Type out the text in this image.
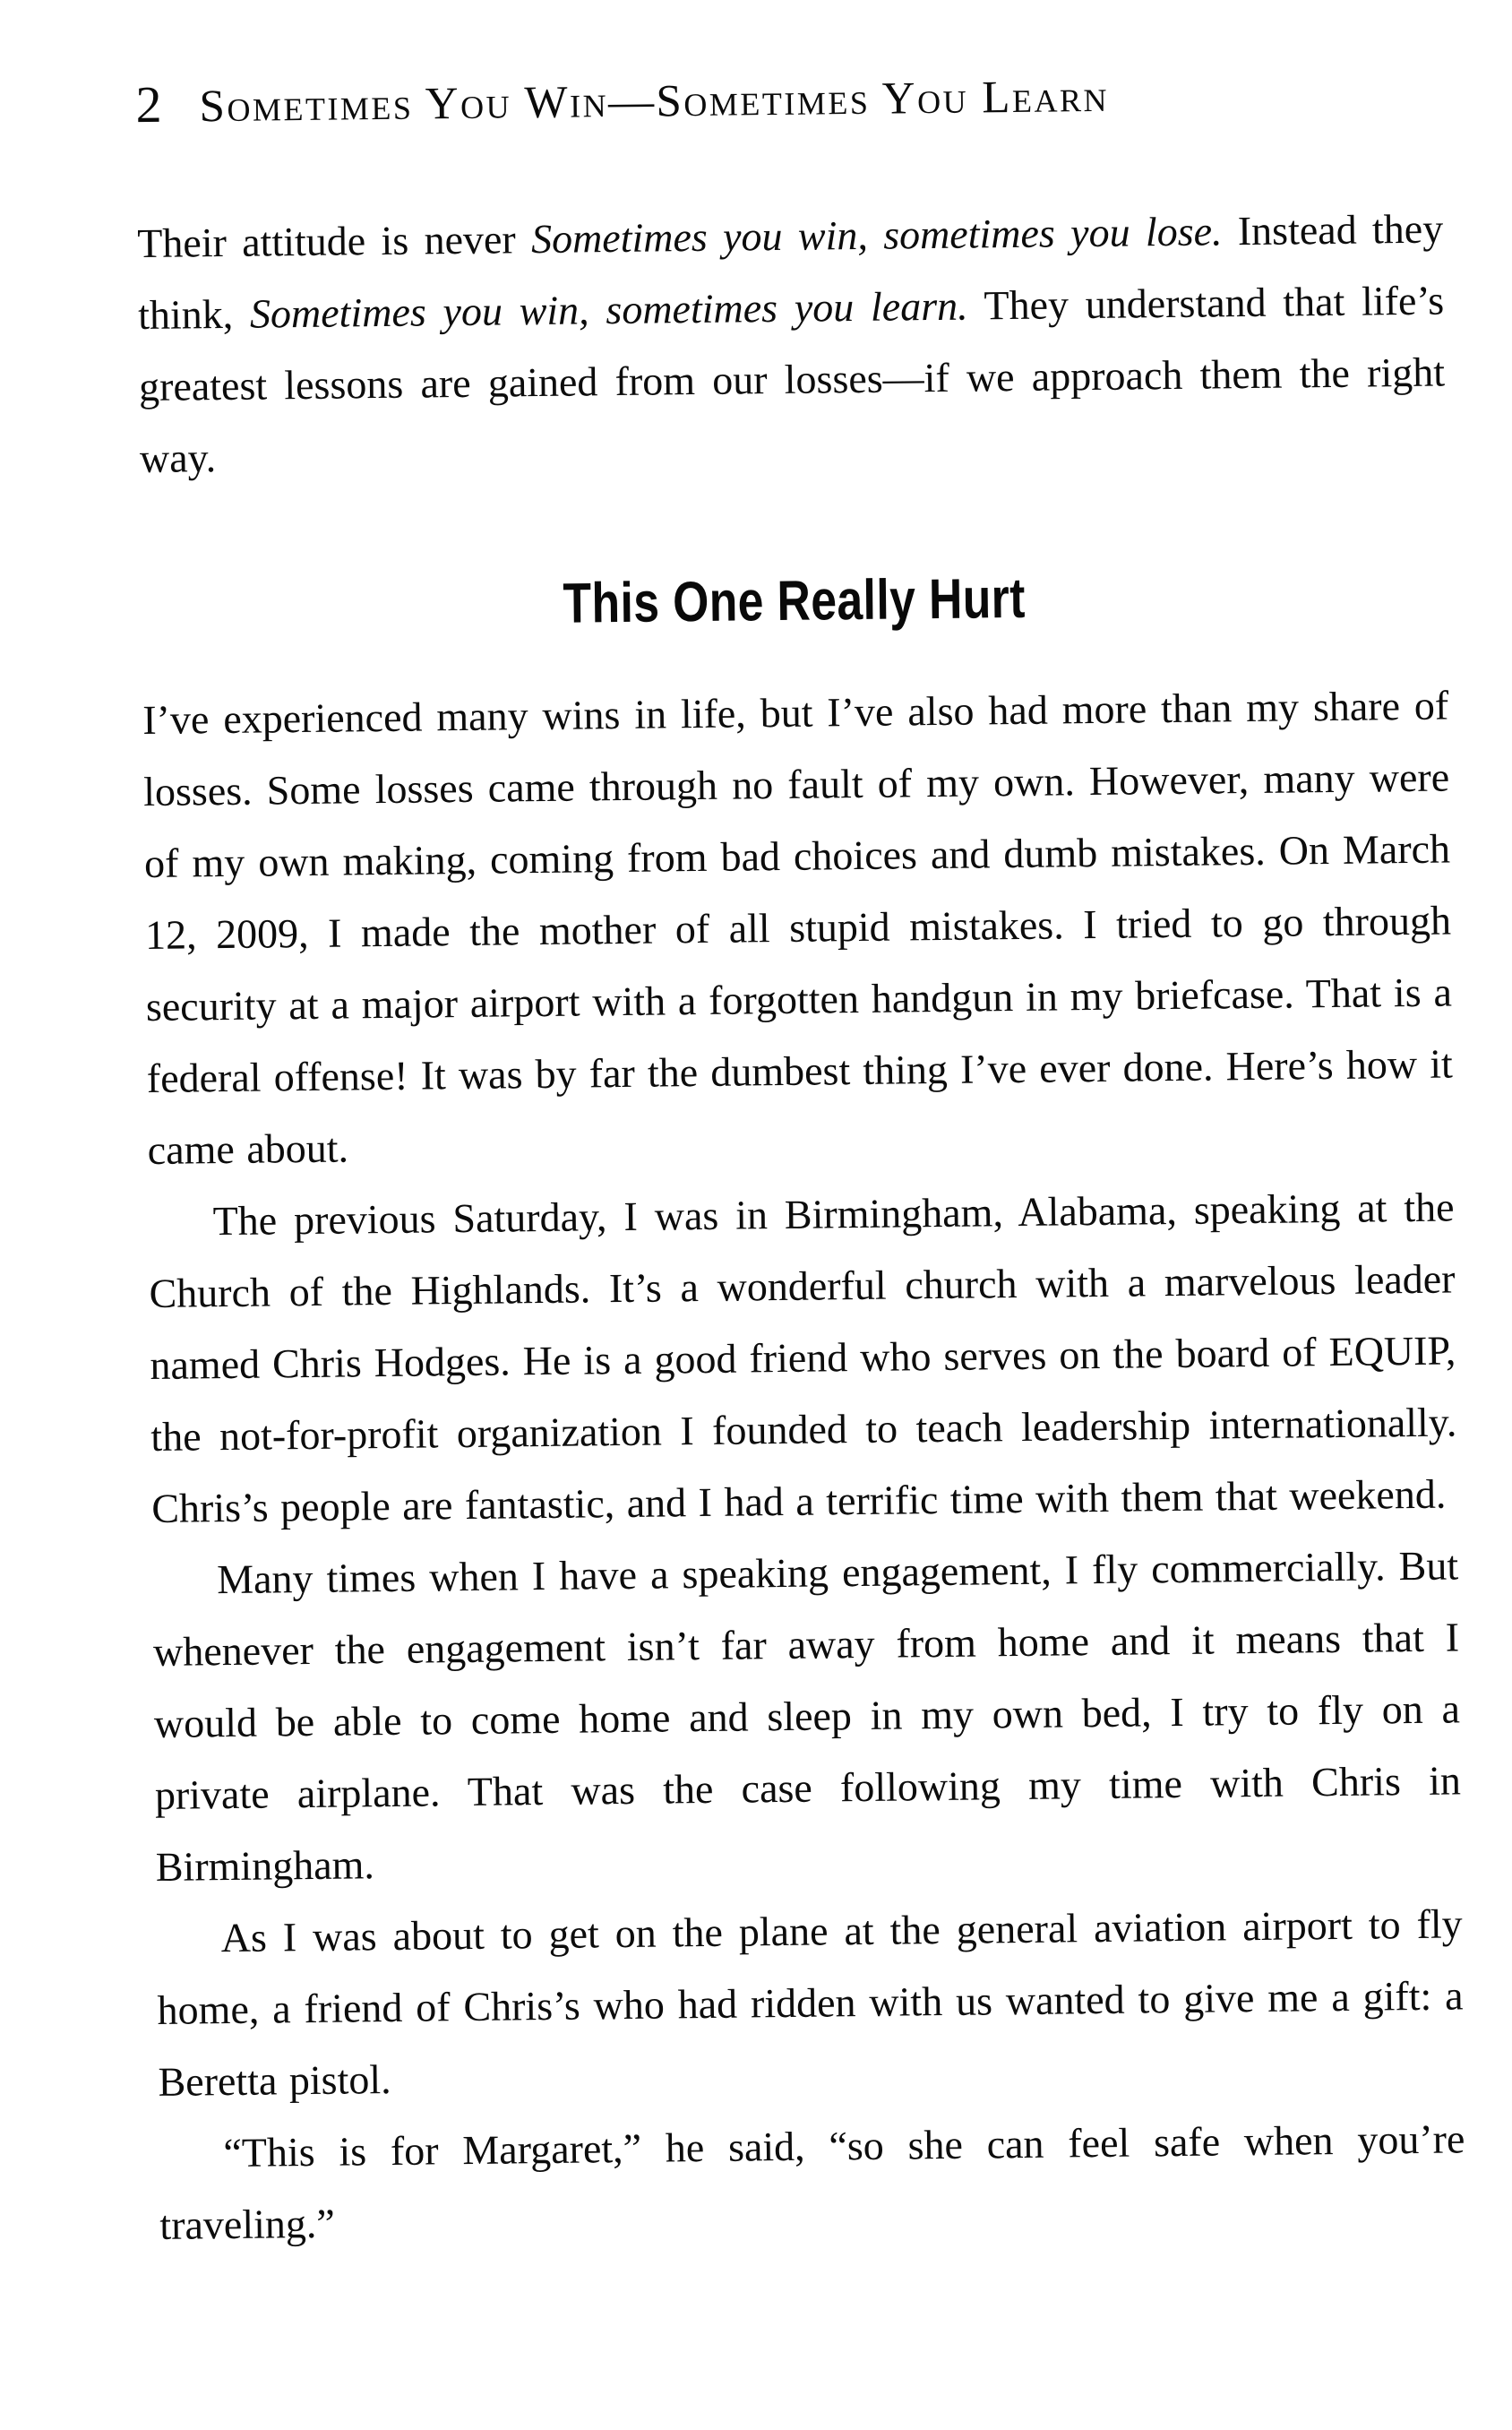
2 Sometimes You Win—Sometimes You Learn

Their attitude is never Sometimes you win, sometimes you lose. Instead they think, Sometimes you win, sometimes you learn. They understand that life’s greatest lessons are gained from our losses—if we approach them the right way.

This One Really Hurt

I’ve experienced many wins in life, but I’ve also had more than my share of losses. Some losses came through no fault of my own. However, many were of my own making, coming from bad choices and dumb mistakes. On March 12, 2009, I made the mother of all stupid mistakes. I tried to go through security at a major airport with a forgotten handgun in my briefcase. That is a federal offense! It was by far the dumbest thing I’ve ever done. Here’s how it came about.

The previous Saturday, I was in Birmingham, Alabama, speaking at the Church of the Highlands. It’s a wonderful church with a marvelous leader named Chris Hodges. He is a good friend who serves on the board of EQUIP, the not-for-profit organization I founded to teach leadership internationally. Chris’s people are fantastic, and I had a terrific time with them that weekend.

Many times when I have a speaking engagement, I fly commercially. But whenever the engagement isn’t far away from home and it means that I would be able to come home and sleep in my own bed, I try to fly on a private airplane. That was the case following my time with Chris in Birmingham.

As I was about to get on the plane at the general aviation airport to fly home, a friend of Chris’s who had ridden with us wanted to give me a gift: a Beretta pistol.

“This is for Margaret,” he said, “so she can feel safe when you’re traveling.”
